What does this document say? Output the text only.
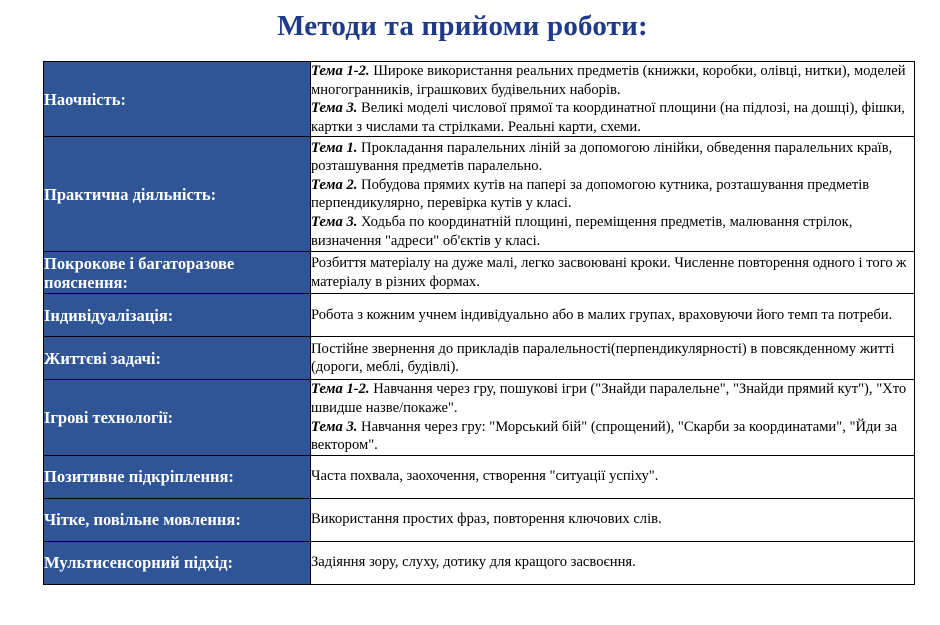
Методи та прийоми роботи:
Наочність:	Тема 1-2. Широке використання реальних предметів (книжки, коробки, олівці, нитки), моделей многогранників, іграшкових будівельних наборів.
Тема 3. Великі моделі числової прямої та координатної площини (на підлозі, на дошці), фішки, картки з числами та стрілками. Реальні карти, схеми.

Практична діяльність:	Тема 1. Прокладання паралельних ліній за допомогою лінійки, обведення паралельних країв, розташування предметів паралельно.
Тема 2. Побудова прямих кутів на папері за допомогою кутника, розташування предметів перпендикулярно, перевірка кутів у класі.
Тема 3. Ходьба по координатній площині, переміщення предметів, малювання стрілок, визначення "адреси" об'єктів у класі.

Покрокове і багаторазове пояснення:	Розбиття матеріалу на дуже малі, легко засвоювані кроки. Численне повторення одного і того ж матеріалу в різних формах.

Індивідуалізація:	Робота з кожним учнем індивідуально або в малих групах, враховуючи його темп та потреби.

Життєві задачі:	Постійне звернення до прикладів паралельності(перпендикулярності) в повсякденному житті (дороги, меблі, будівлі).

Ігрові технології:	Тема 1-2. Навчання через гру, пошукові ігри ("Знайди паралельне", "Знайди прямий кут"), "Хто швидше назве/покаже".
Тема 3. Навчання через гру: "Морський бій" (спрощений), "Скарби за координатами", "Йди за вектором".

Позитивне підкріплення:	Часта похвала, заохочення, створення "ситуації успіху".

Чітке, повільне мовлення:	Використання простих фраз, повторення ключових слів.

Мультисенсорний підхід:	Задіяння зору, слуху, дотику для кращого засвоєння.
